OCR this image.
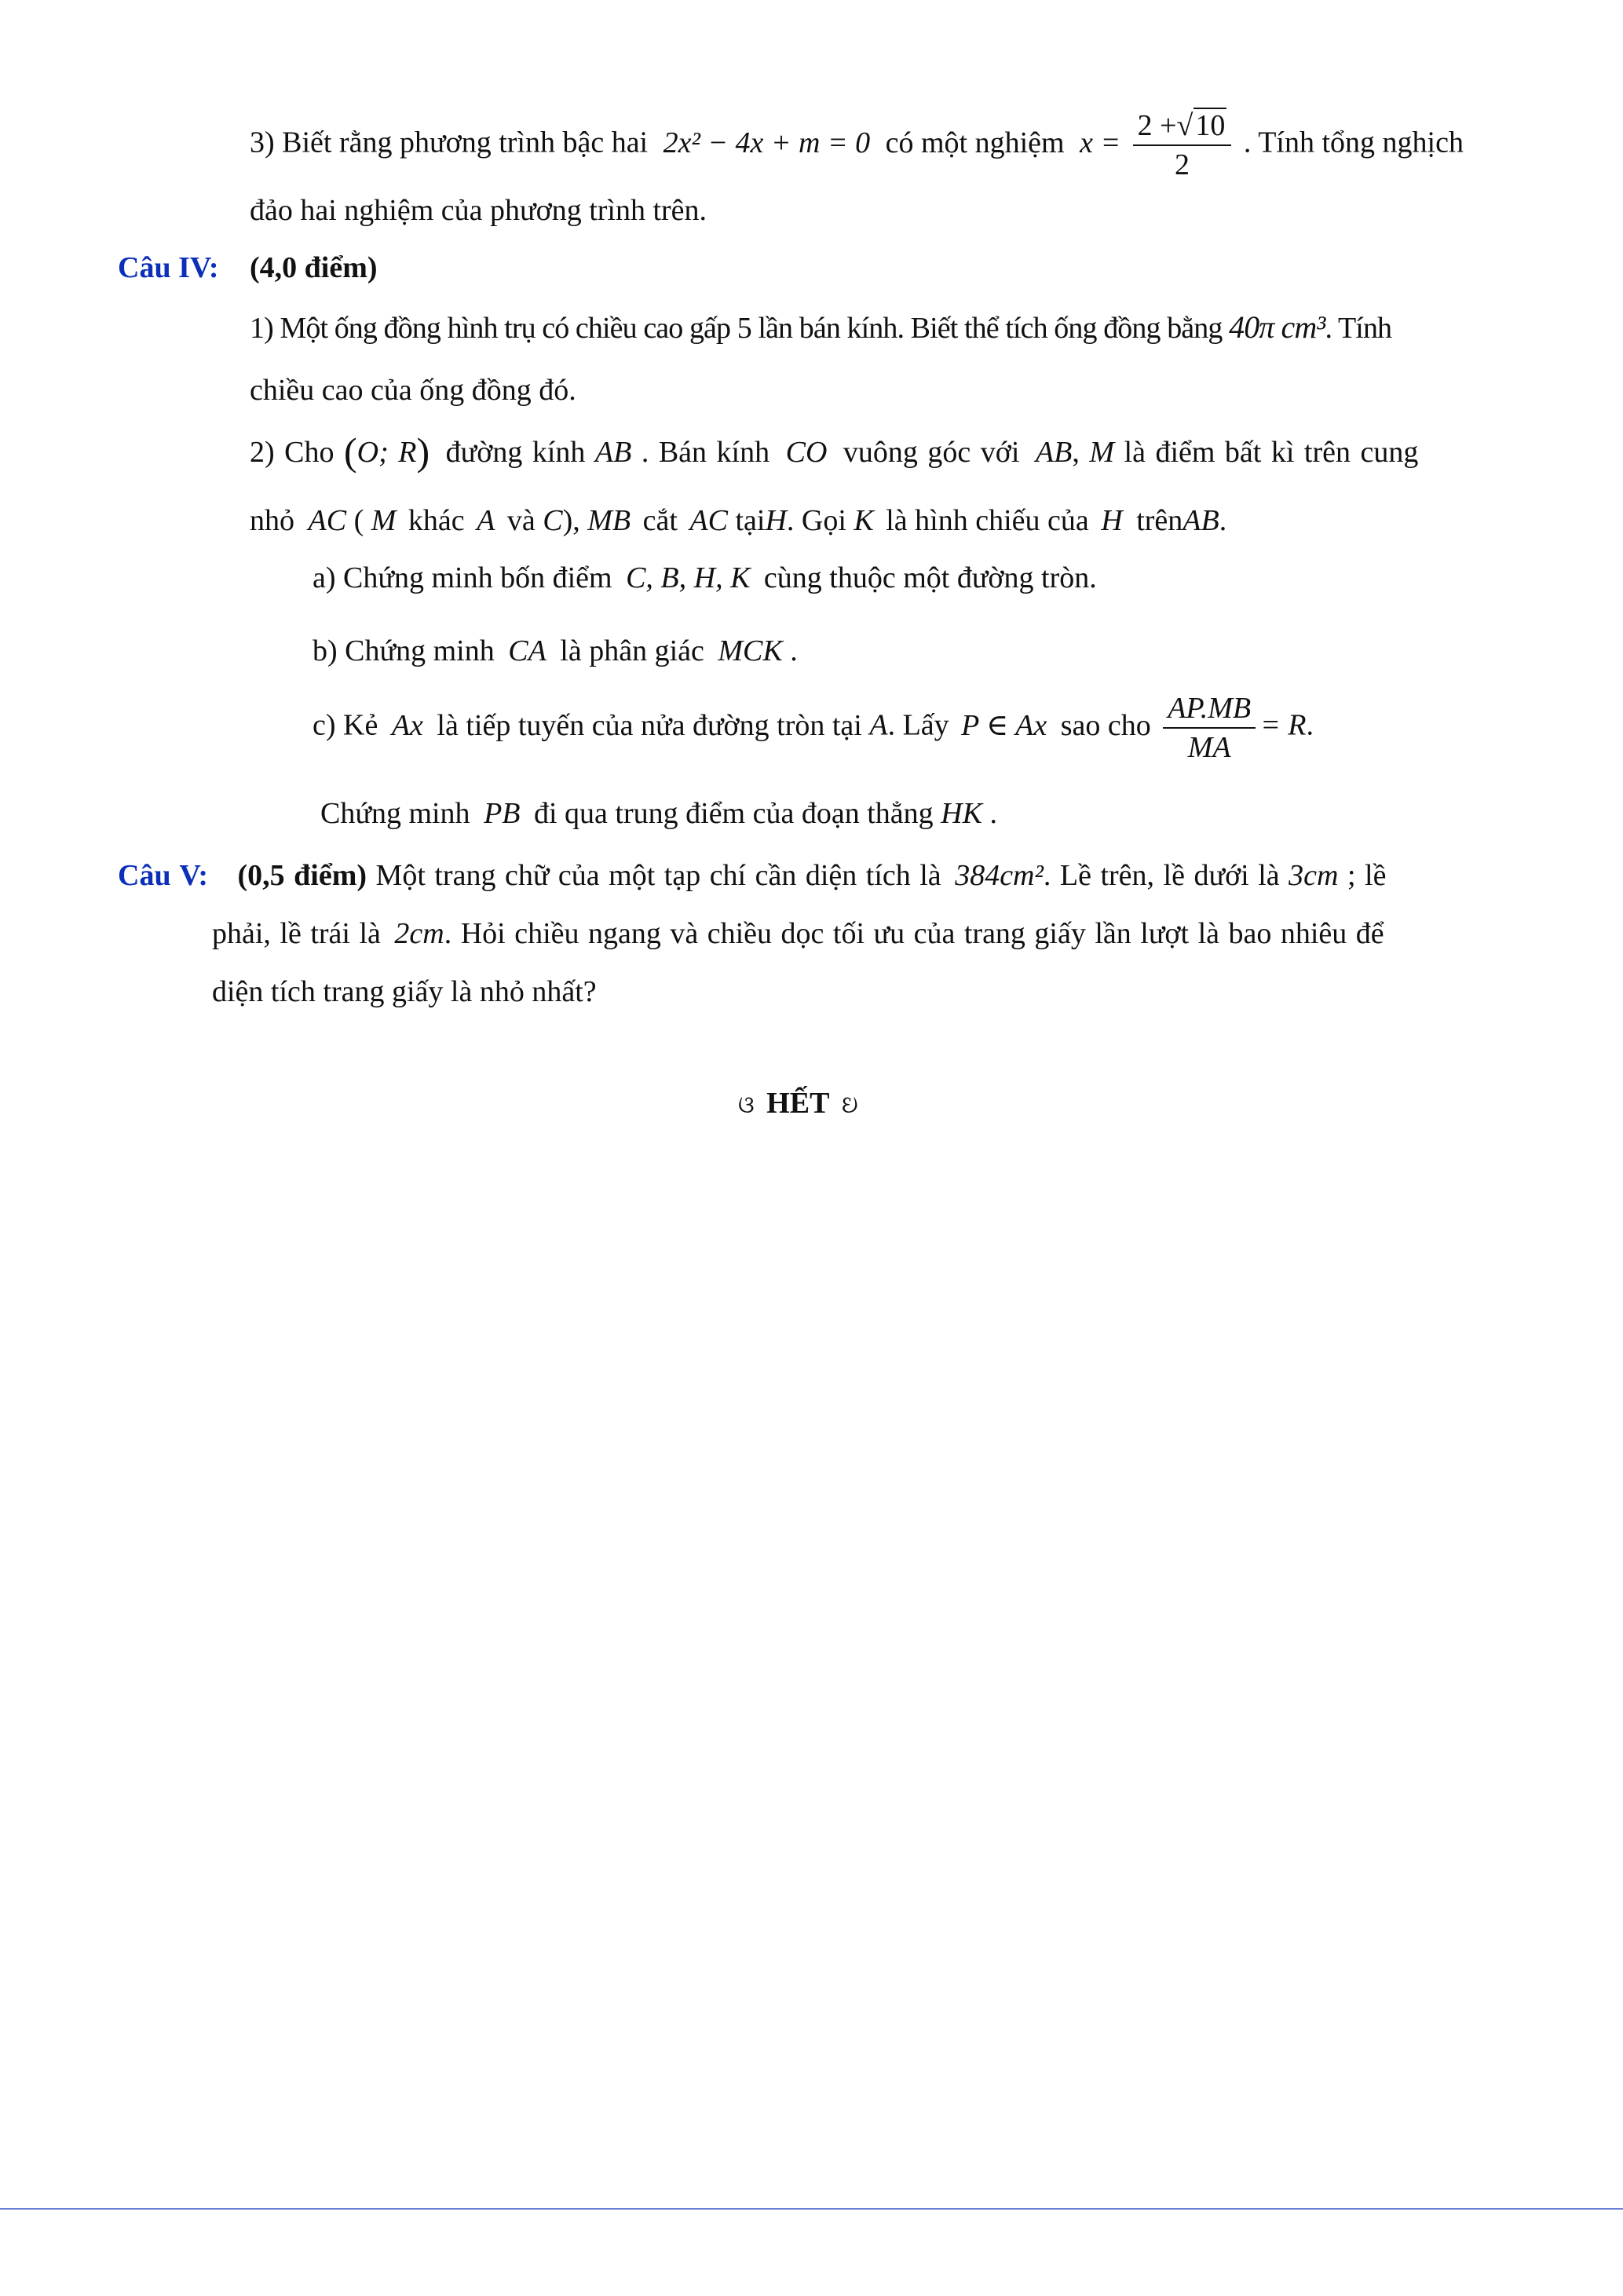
3) Biết rằng phương trình bậc hai 2x² − 4x + m = 0 có một nghiệm $x = \frac{2 +√10}{2}$ . Tính tổng nghịch
đảo hai nghiệm của phương trình trên.
Câu IV: (4,0 điểm)
1) Một ống đồng hình trụ có chiều cao gấp 5 lần bán kính. Biết thể tích ống đồng bằng 40π cm³. Tính
chiều cao của ống đồng đó.
2) Cho (O; R) đường kính AB . Bán kính CO vuông góc với AB, M là điểm bất kì trên cung
nhỏ AC ( M khác A và C), MB cắt AC tạiH. Gọi K là hình chiếu của H trênAB.
a) Chứng minh bốn điểm C, B, H, K cùng thuộc một đường tròn.
b) Chứng minh CA là phân giác MCK .
c) Kẻ Ax là tiếp tuyến của nửa đường tròn tại A. Lấy P ∈ Ax sao cho $\frac{AP.MB}{MA} = R$.
Chứng minh PB đi qua trung điểm của đoạn thẳng HK .
Câu V: (0,5 điểm) Một trang chữ của một tạp chí cần diện tích là 384cm². Lề trên, lề dưới là 3cm ; lề
phải, lề trái là 2cm. Hỏi chiều ngang và chiều dọc tối ưu của trang giấy lần lượt là bao nhiêu để
diện tích trang giấy là nhỏ nhất?
ଓ HẾT ଓ
